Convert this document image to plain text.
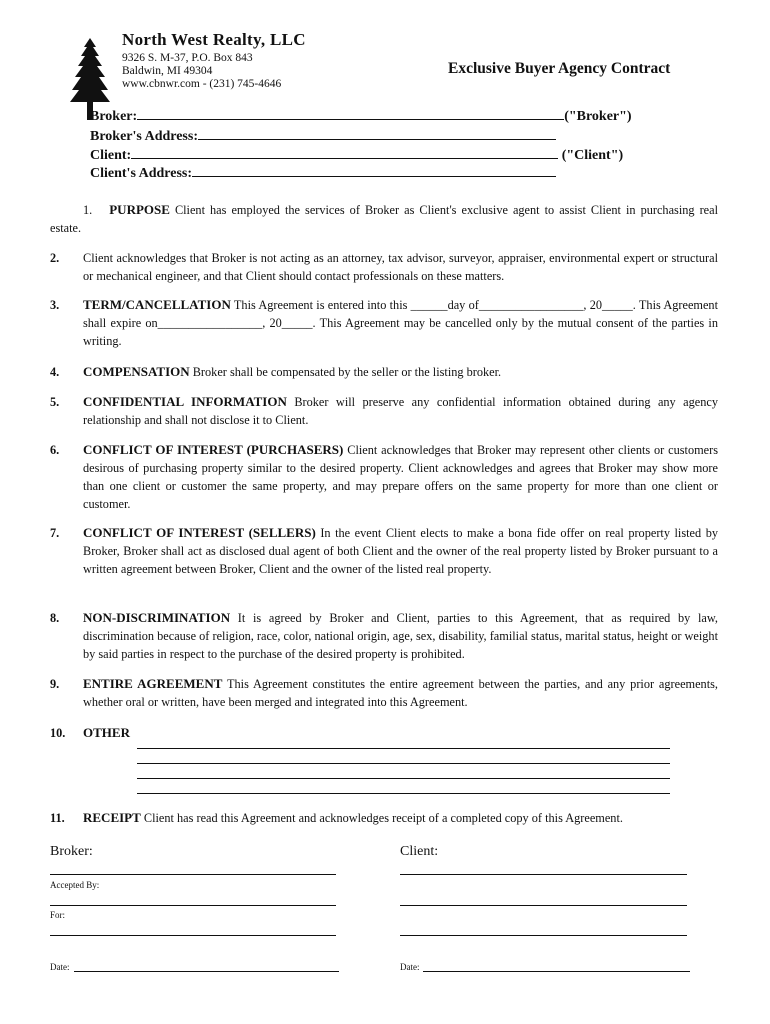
North West Realty, LLC
9326 S. M-37, P.O. Box 843
Baldwin, MI 49304
www.cbnwr.com - (231) 745-4646
Exclusive Buyer Agency Contract
Broker:	("Broker")
Broker's Address:
Client:	("Client")
Client's Address:
1. PURPOSE Client has employed the services of Broker as Client's exclusive agent to assist Client in purchasing real estate.
2. Client acknowledges that Broker is not acting as an attorney, tax advisor, surveyor, appraiser, environmental expert or structural or mechanical engineer, and that Client should contact professionals on these matters.
3. TERM/CANCELLATION This Agreement is entered into this ______day of_________________, 20_____. This Agreement shall expire on_________________, 20_____. This Agreement may be cancelled only by the mutual consent of the parties in writing.
4. COMPENSATION Broker shall be compensated by the seller or the listing broker.
5. CONFIDENTIAL INFORMATION Broker will preserve any confidential information obtained during any agency relationship and shall not disclose it to Client.
6. CONFLICT OF INTEREST (PURCHASERS) Client acknowledges that Broker may represent other clients or customers desirous of purchasing property similar to the desired property. Client acknowledges and agrees that Broker may show more than one client or customer the same property, and may prepare offers on the same property for more than one client or customer.
7. CONFLICT OF INTEREST (SELLERS) In the event Client elects to make a bona fide offer on real property listed by Broker, Broker shall act as disclosed dual agent of both Client and the owner of the real property listed by Broker pursuant to a written agreement between Broker, Client and the owner of the listed real property.
8. NON-DISCRIMINATION It is agreed by Broker and Client, parties to this Agreement, that as required by law, discrimination because of religion, race, color, national origin, age, sex, disability, familial status, marital status, height or weight by said parties in respect to the purchase of the desired property is prohibited.
9. ENTIRE AGREEMENT This Agreement constitutes the entire agreement between the parties, and any prior agreements, whether oral or written, have been merged and integrated into this Agreement.
10. OTHER
11. RECEIPT Client has read this Agreement and acknowledges receipt of a completed copy of this Agreement.
Broker:	Client:
Accepted By:
For:
Date:	Date:
